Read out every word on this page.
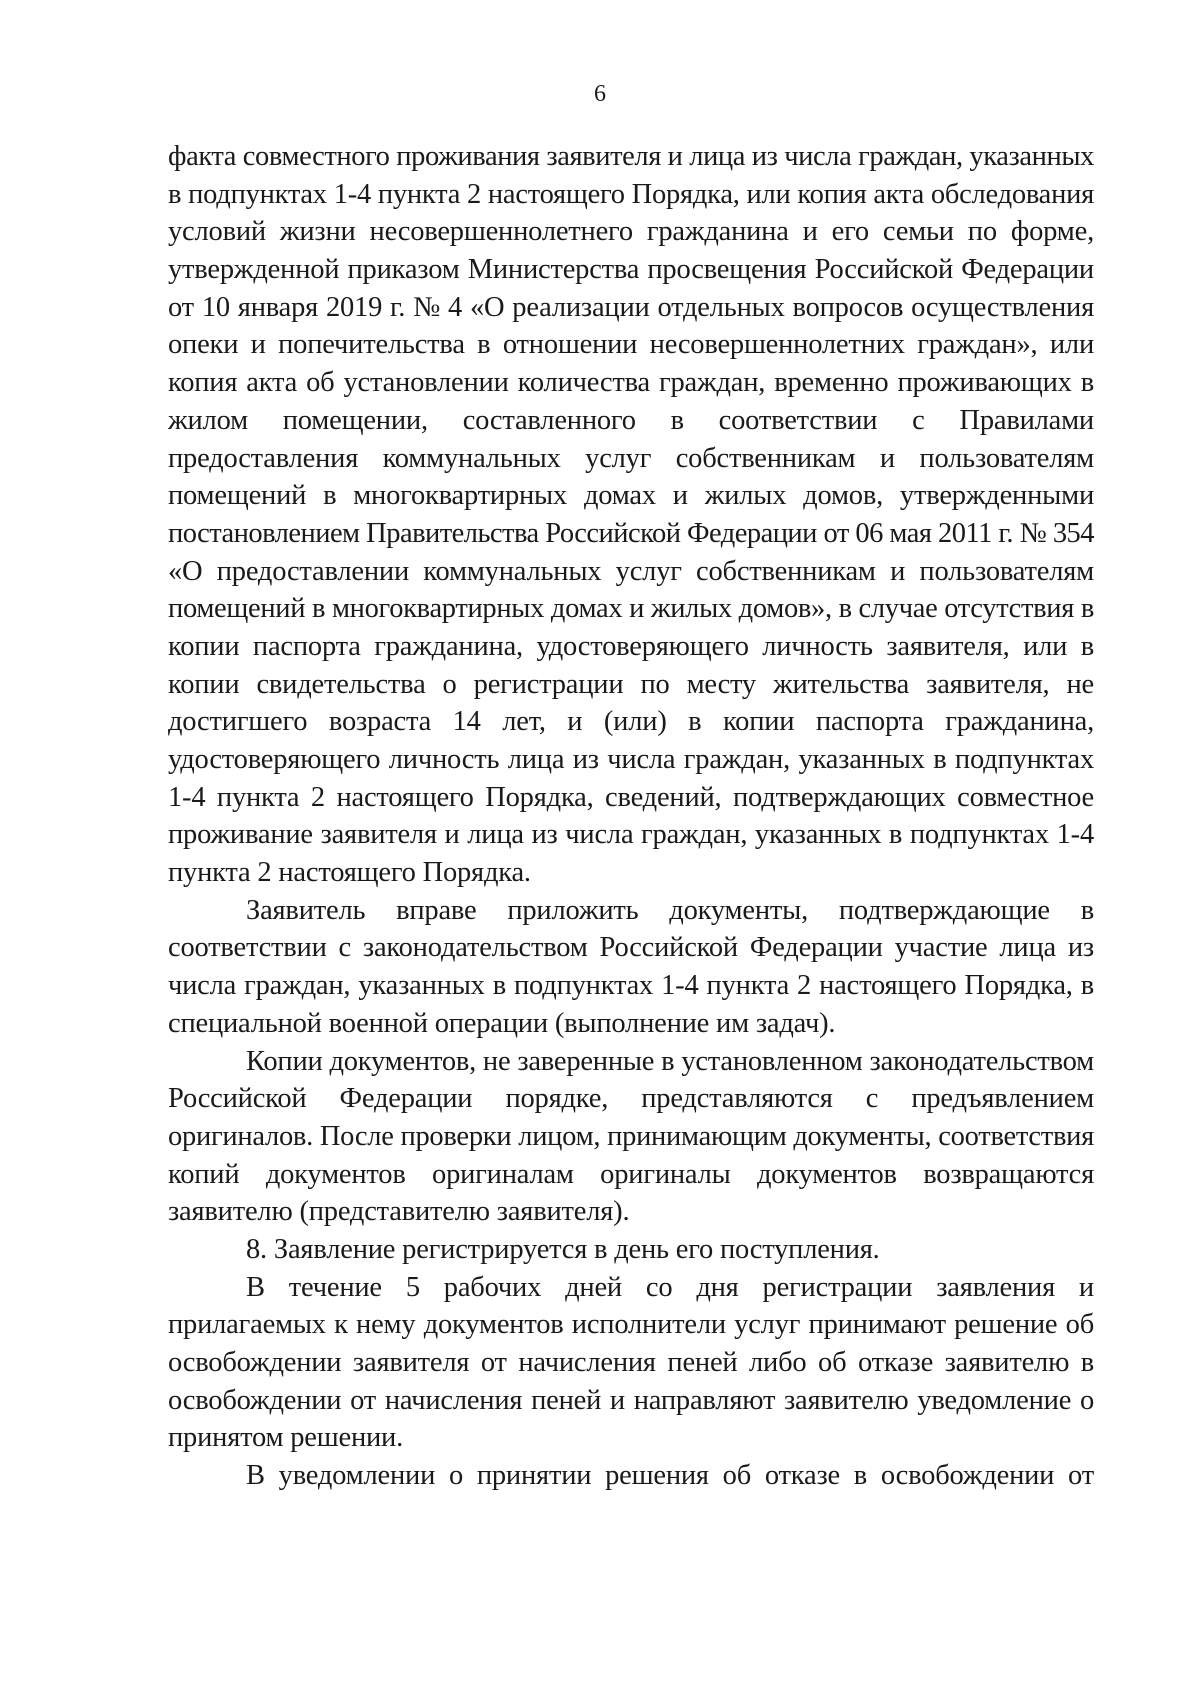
6
факта совместного проживания заявителя и лица из числа граждан, указанных
в подпунктах 1-4 пункта 2 настоящего Порядка, или копия акта обследования
условий жизни несовершеннолетнего гражданина и его семьи по форме,
утвержденной приказом Министерства просвещения Российской Федерации
от 10 января 2019 г. № 4 «О реализации отдельных вопросов осуществления
опеки и попечительства в отношении несовершеннолетних граждан», или
копия акта об установлении количества граждан, временно проживающих в
жилом помещении, составленного в соответствии с Правилами
предоставления коммунальных услуг собственникам и пользователям
помещений в многоквартирных домах и жилых домов, утвержденными
постановлением Правительства Российской Федерации от 06 мая 2011 г. № 354
«О предоставлении коммунальных услуг собственникам и пользователям
помещений в многоквартирных домах и жилых домов», в случае отсутствия в
копии паспорта гражданина, удостоверяющего личность заявителя, или в
копии свидетельства о регистрации по месту жительства заявителя, не
достигшего возраста 14 лет, и (или) в копии паспорта гражданина,
удостоверяющего личность лица из числа граждан, указанных в подпунктах
1-4 пункта 2 настоящего Порядка, сведений, подтверждающих совместное
проживание заявителя и лица из числа граждан, указанных в подпунктах 1-4
пункта 2 настоящего Порядка.
Заявитель вправе приложить документы, подтверждающие в
соответствии с законодательством Российской Федерации участие лица из
числа граждан, указанных в подпунктах 1-4 пункта 2 настоящего Порядка, в
специальной военной операции (выполнение им задач).
Копии документов, не заверенные в установленном законодательством
Российской Федерации порядке, представляются с предъявлением
оригиналов. После проверки лицом, принимающим документы, соответствия
копий документов оригиналам оригиналы документов возвращаются
заявителю (представителю заявителя).
8. Заявление регистрируется в день его поступления.
В течение 5 рабочих дней со дня регистрации заявления и
прилагаемых к нему документов исполнители услуг принимают решение об
освобождении заявителя от начисления пеней либо об отказе заявителю в
освобождении от начисления пеней и направляют заявителю уведомление о
принятом решении.
В уведомлении о принятии решения об отказе в освобождении от
